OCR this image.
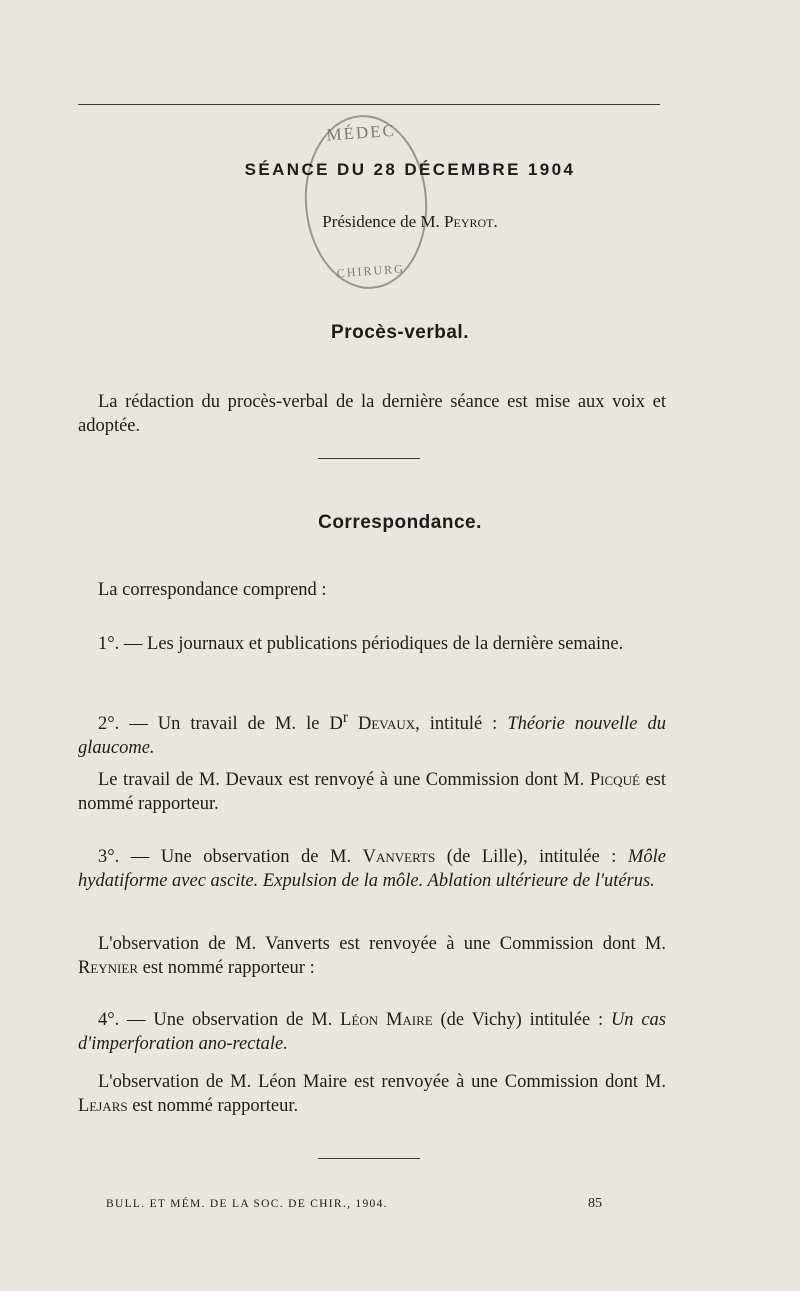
MÉDEC
CHIRURG
SÉANCE DU 28 DÉCEMBRE 1904
Présidence de M. Peyrot.
Procès-verbal.

La rédaction du procès-verbal de la dernière séance est mise aux voix et adoptée.

Correspondance.

La correspondance comprend :

1°. — Les journaux et publications périodiques de la dernière semaine.

2°. — Un travail de M. le $D^r$ Devaux, intitulé : Théorie nouvelle du glaucome.

Le travail de M. Devaux est renvoyé à une Commission dont M. Picqué est nommé rapporteur.

3°. — Une observation de M. Vanverts (de Lille), intitulée : Môle hydatiforme avec ascite. Expulsion de la môle. Ablation ultérieure de l'utérus.

L'observation de M. Vanverts est renvoyée à une Commission dont M. Reynier est nommé rapporteur :

4°. — Une observation de M. Léon Maire (de Vichy) intitulée : Un cas d'imperforation ano-rectale.

L'observation de M. Léon Maire est renvoyée à une Commission dont M. Lejars est nommé rapporteur.

BULL. ET MÉM. DE LA SOC. DE CHIR., 1904.	85
